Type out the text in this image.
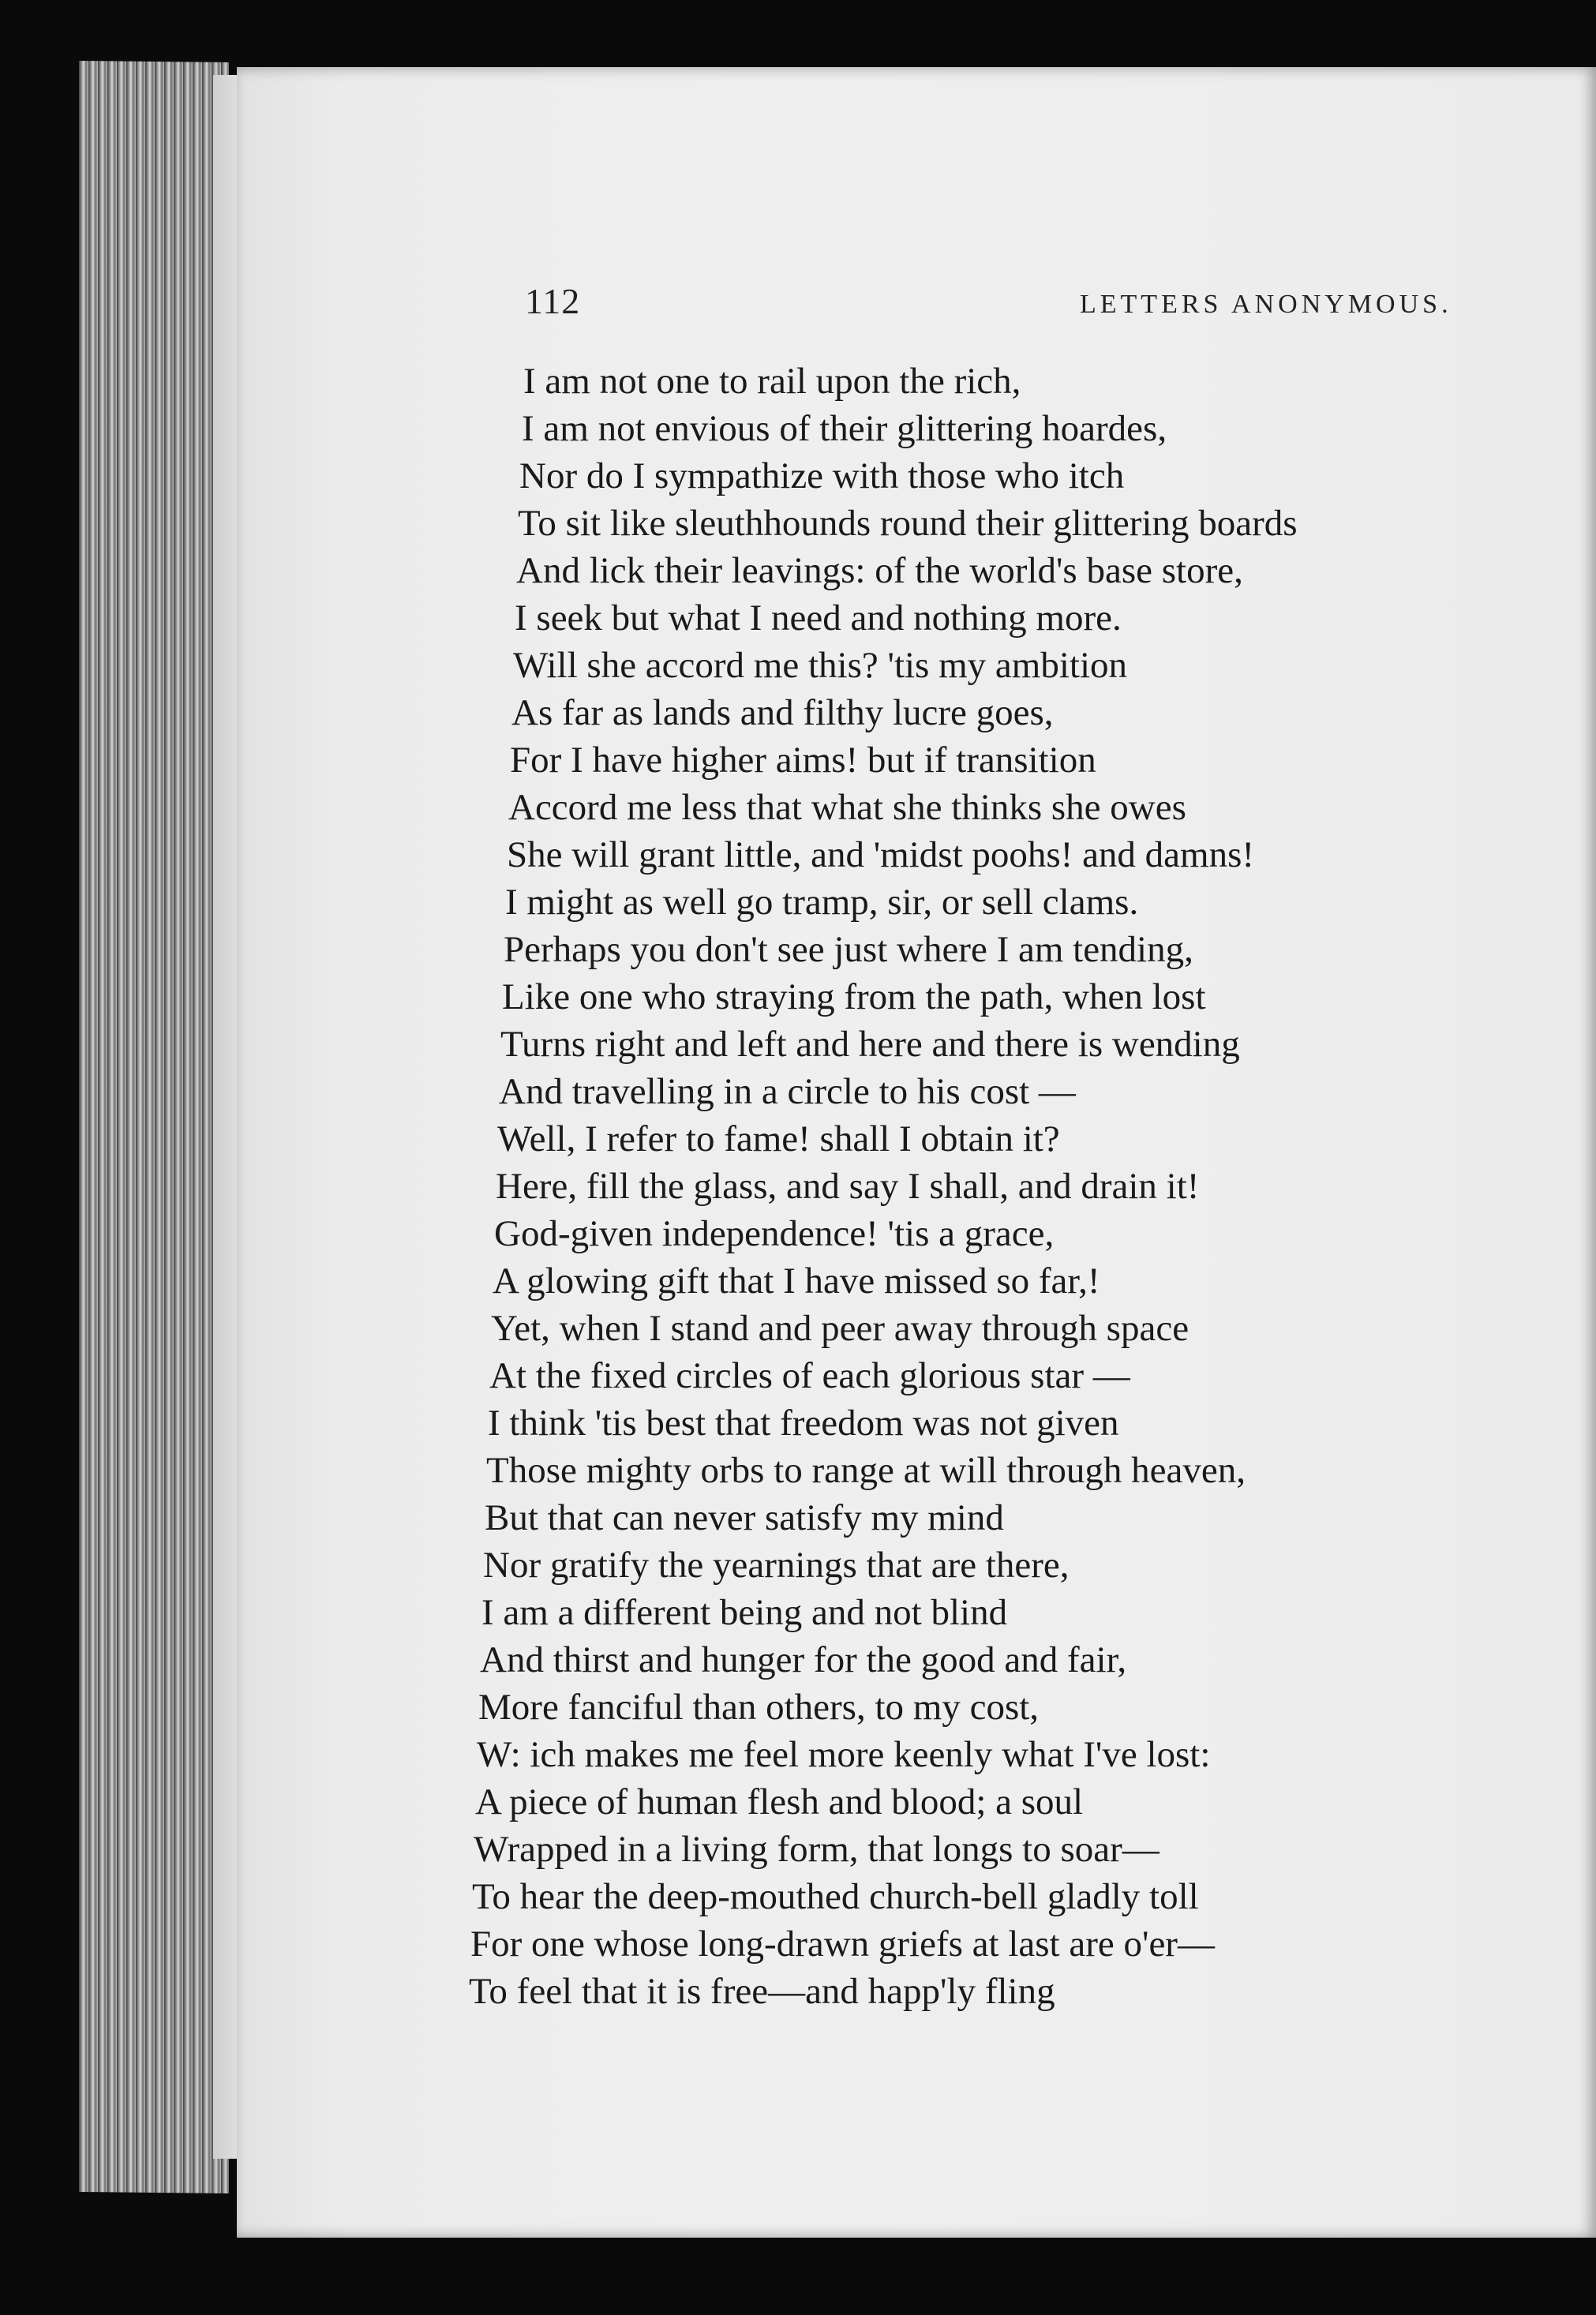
112	LETTERS ANONYMOUS.
I am not one to rail upon the rich,
I am not envious of their glittering hoardes,
Nor do I sympathize with those who itch
To sit like sleuthhounds round their glittering boards
And lick their leavings: of the world's base store,
I seek but what I need and nothing more.
Will she accord me this? 'tis my ambition
As far as lands and filthy lucre goes,
For I have higher aims! but if transition
Accord me less that what she thinks she owes
She will grant little, and 'midst poohs! and damns!
I might as well go tramp, sir, or sell clams.
Perhaps you don't see just where I am tending,
Like one who straying from the path, when lost
Turns right and left and here and there is wending
And travelling in a circle to his cost —
Well, I refer to fame! shall I obtain it?
Here, fill the glass, and say I shall, and drain it!
God-given independence! 'tis a grace,
A glowing gift that I have missed so far,!
Yet, when I stand and peer away through space
At the fixed circles of each glorious star —
I think 'tis best that freedom was not given
Those mighty orbs to range at will through heaven,
But that can never satisfy my mind
Nor gratify the yearnings that are there,
I am a different being and not blind
And thirst and hunger for the good and fair,
More fanciful than others, to my cost,
W: ich makes me feel more keenly what I've lost:
A piece of human flesh and blood; a soul
Wrapped in a living form, that longs to soar—
To hear the deep-mouthed church-bell gladly toll
For one whose long-drawn griefs at last are o'er—
To feel that it is free—and happ'ly fling
